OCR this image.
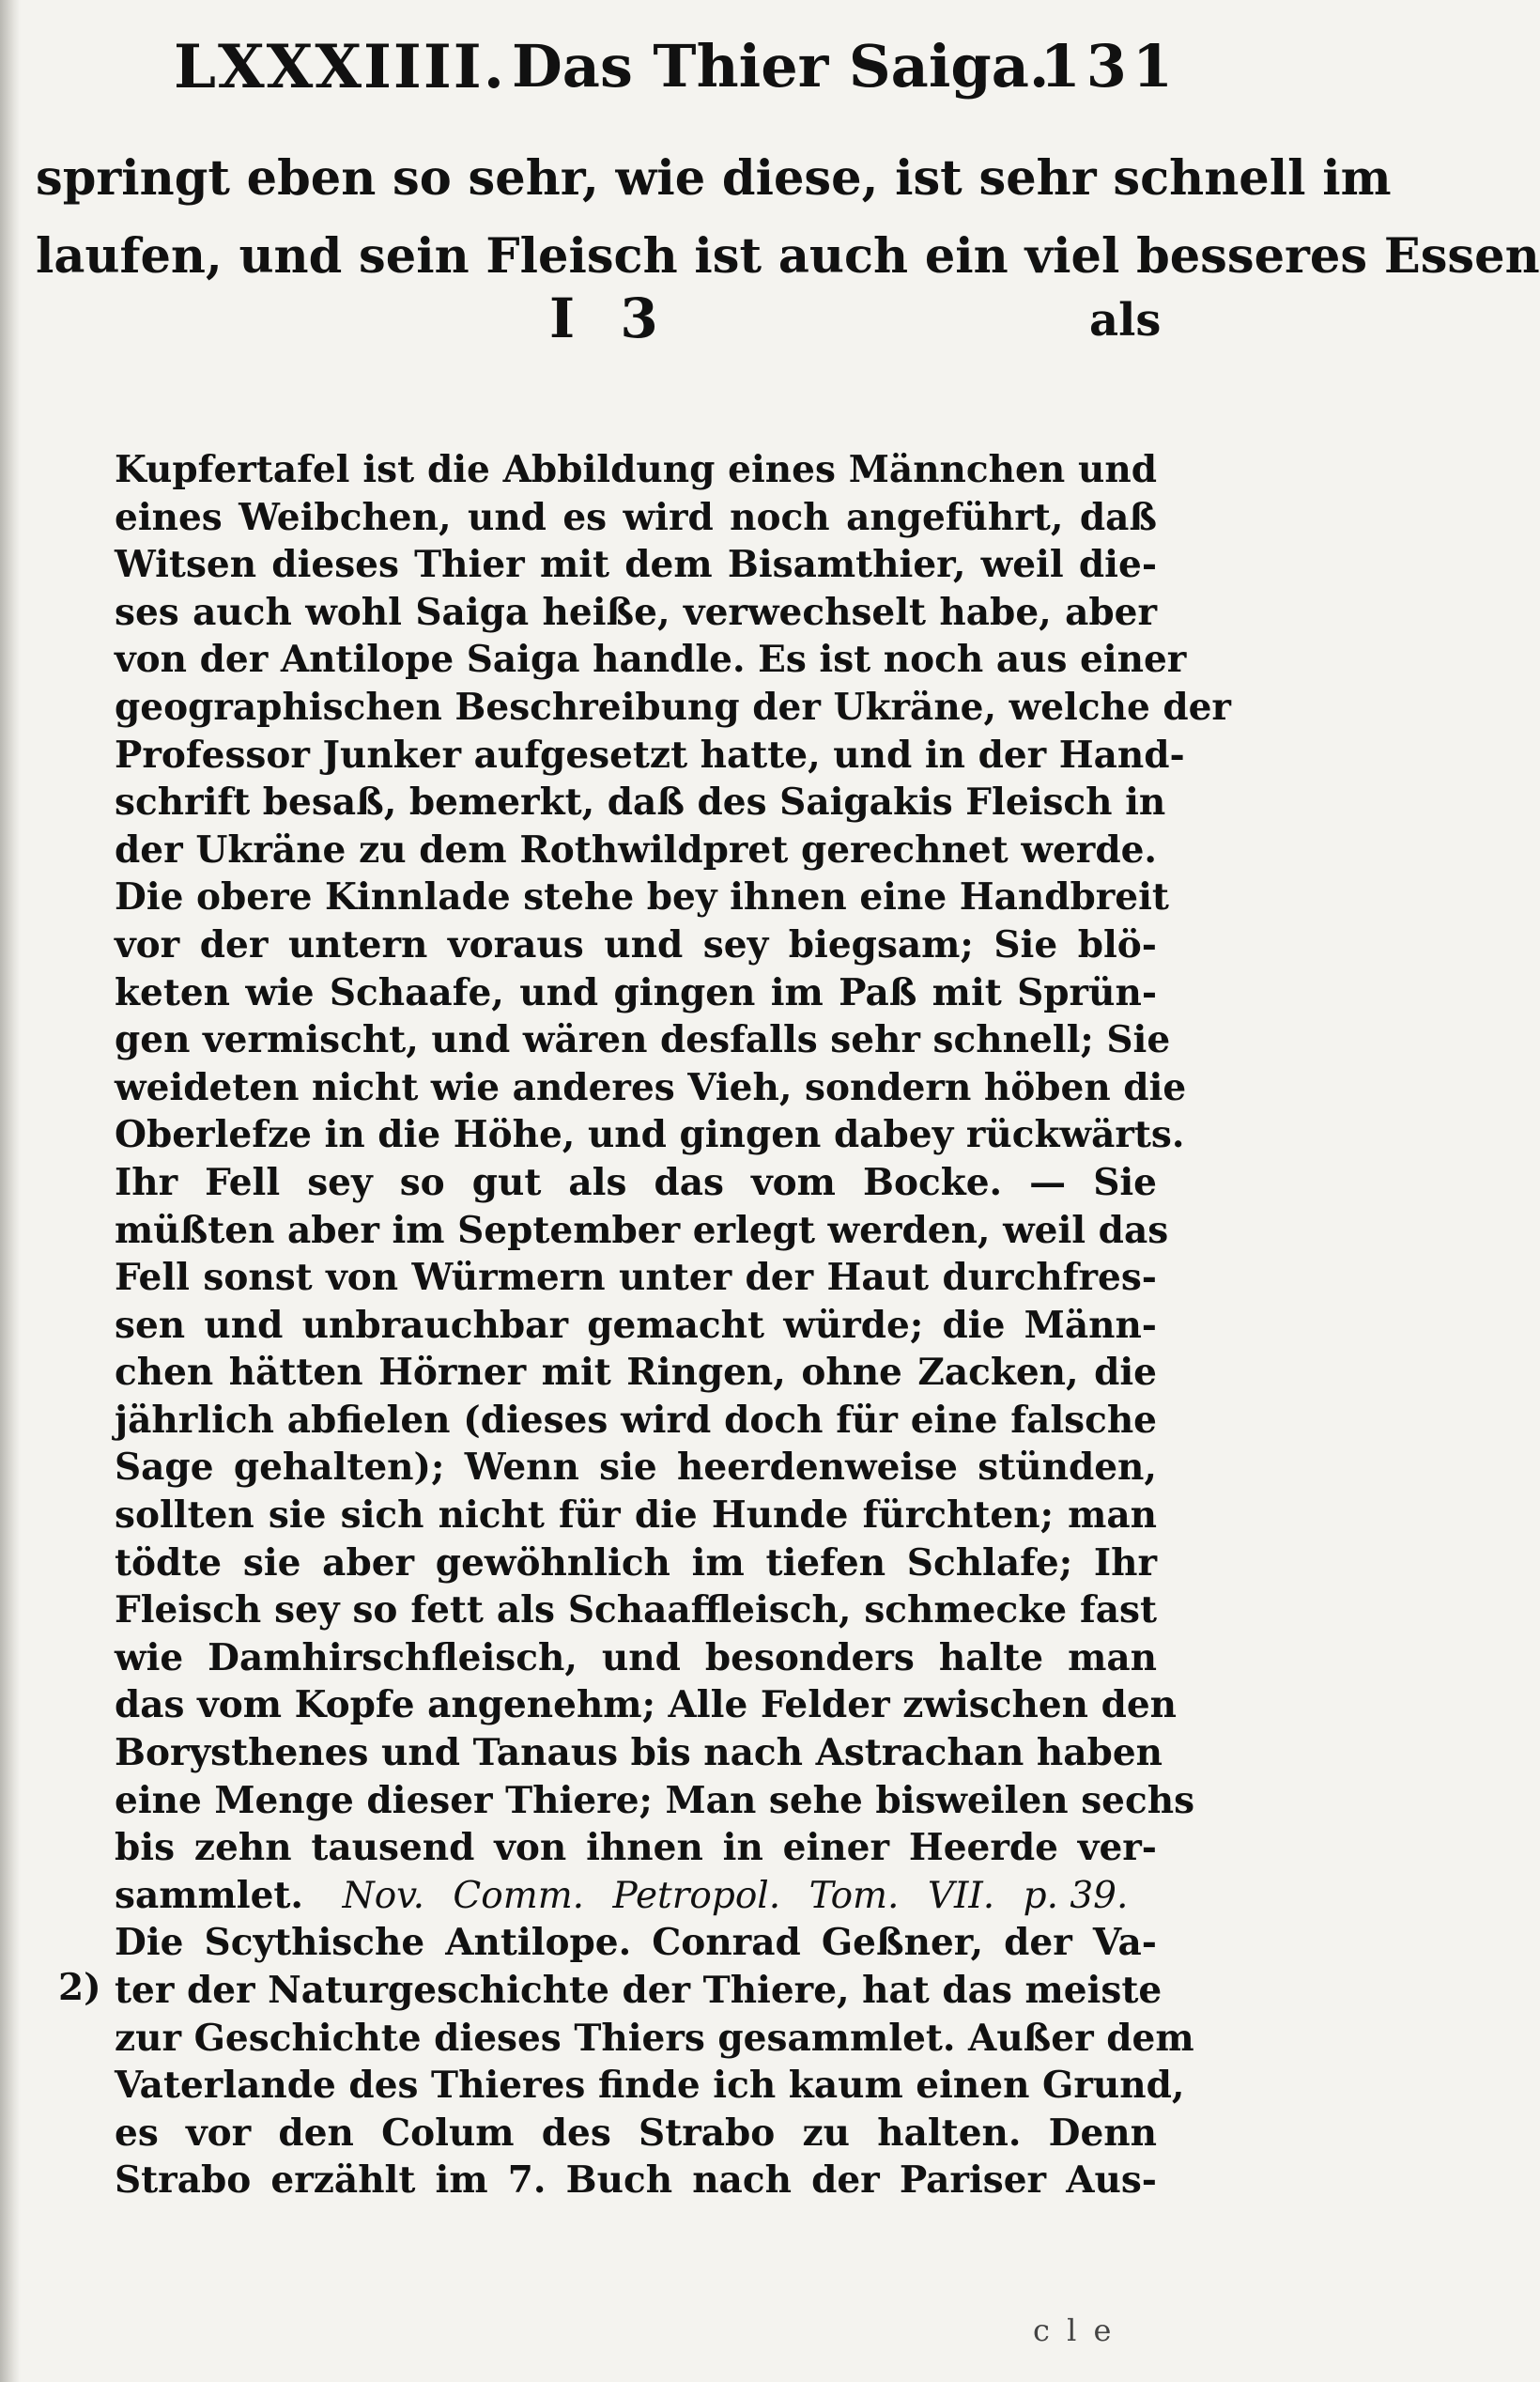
LXXXIIII. Das Thier Saiga.
131
springt eben so sehr, wie diese, ist sehr schnell im
laufen, und sein Fleisch ist auch ein viel besseres Essen
I 3	als
Kupfertafel ist die Abbildung eines Männchen und
eines Weibchen, und es wird noch angeführt, daß
Witsen dieses Thier mit dem Bisamthier, weil die-
ses auch wohl Saiga heiße, verwechselt habe, aber
von der Antilope Saiga handle. Es ist noch aus einer
geographischen Beschreibung der Ukräne, welche der
Professor Junker aufgesetzt hatte, und in der Hand-
schrift besaß, bemerkt, daß des Saigakis Fleisch in
der Ukräne zu dem Rothwildpret gerechnet werde.
Die obere Kinnlade stehe bey ihnen eine Handbreit
vor der untern voraus und sey biegsam; Sie blö-
keten wie Schaafe, und gingen im Paß mit Sprün-
gen vermischt, und wären desfalls sehr schnell; Sie
weideten nicht wie anderes Vieh, sondern höben die
Oberlefze in die Höhe, und gingen dabey rückwärts.
Ihr Fell sey so gut als das vom Bocke. — Sie
müßten aber im September erlegt werden, weil das
Fell sonst von Würmern unter der Haut durchfres-
sen und unbrauchbar gemacht würde; die Männ-
chen hätten Hörner mit Ringen, ohne Zacken, die
jährlich abfielen (dieses wird doch für eine falsche
Sage gehalten); Wenn sie heerdenweise stünden,
sollten sie sich nicht für die Hunde fürchten; man
tödte sie aber gewöhnlich im tiefen Schlafe; Ihr
Fleisch sey so fett als Schaaffleisch, schmecke fast
wie Damhirschfleisch, und besonders halte man
das vom Kopfe angenehm; Alle Felder zwischen den
Borysthenes und Tanaus bis nach Astrachan haben
eine Menge dieser Thiere; Man sehe bisweilen sechs
bis zehn tausend von ihnen in einer Heerde ver-
sammlet. Nov. Comm. Petropol. Tom. VII. p. 39.
Die Scythische Antilope. Conrad Geßner, der Va-
ter der Naturgeschichte der Thiere, hat das meiste
zur Geschichte dieses Thiers gesammlet. Außer dem
Vaterlande des Thieres finde ich kaum einen Grund,
es vor den Colum des Strabo zu halten. Denn
Strabo erzählt im 7. Buch nach der Pariser Aus-
2)
c l e
